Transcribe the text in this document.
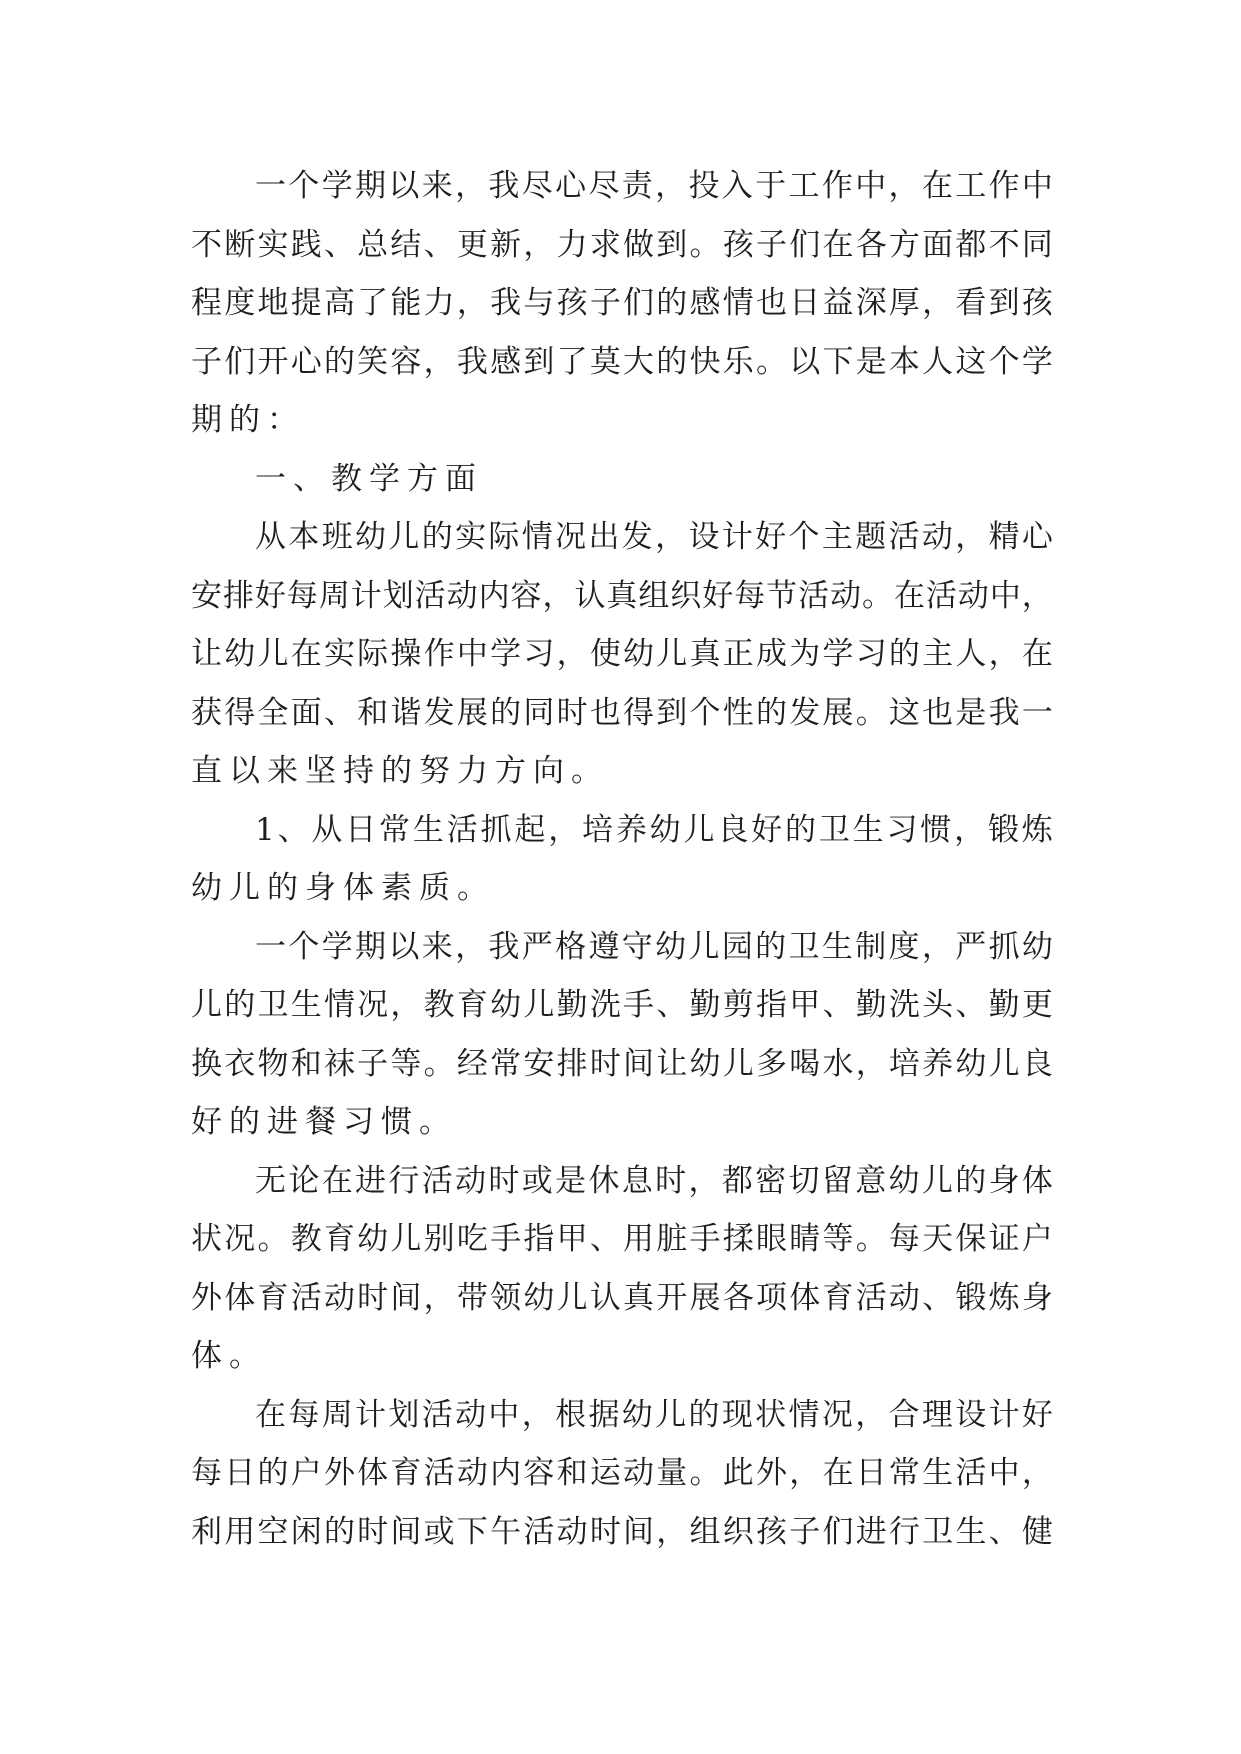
一 个 学 期 以 来 ， 我 尽 心 尽 责 ， 投 入 于 工 作 中 ， 在 工 作 中
不 断 实 践 、 总 结 、 更 新 ， 力 求 做 到 。 孩 子 们 在 各 方 面 都 不 同
程 度 地 提 高 了 能 力 ， 我 与 孩 子 们 的 感 情 也 日 益 深 厚 ， 看 到 孩
子 们 开 心 的 笑 容 ， 我 感 到 了 莫 大 的 快 乐 。 以 下 是 本 人 这 个 学
期的：
一、教学方面
从 本 班 幼 儿 的 实 际 情 况 出 发 ， 设 计 好 个 主 题 活 动 ， 精 心
安 排 好 每 周 计 划 活 动 内 容 ， 认 真 组 织 好 每 节 活 动 。 在 活 动 中 ，
让 幼 儿 在 实 际 操 作 中 学 习 ， 使 幼 儿 真 正 成 为 学 习 的 主 人 ， 在
获 得 全 面 、 和 谐 发 展 的 同 时 也 得 到 个 性 的 发 展 。 这 也 是 我 一
直以来坚持的努力方向。
1 、 从 日 常 生 活 抓 起 ， 培 养 幼 儿 良 好 的 卫 生 习 惯 ， 锻 炼
幼儿的身体素质。
一 个 学 期 以 来 ， 我 严 格 遵 守 幼 儿 园 的 卫 生 制 度 ， 严 抓 幼
儿 的 卫 生 情 况 ， 教 育 幼 儿 勤 洗 手 、 勤 剪 指 甲 、 勤 洗 头 、 勤 更
换 衣 物 和 袜 子 等 。 经 常 安 排 时 间 让 幼 儿 多 喝 水 ， 培 养 幼 儿 良
好的进餐习惯。
无 论 在 进 行 活 动 时 或 是 休 息 时 ， 都 密 切 留 意 幼 儿 的 身 体
状 况 。 教 育 幼 儿 别 吃 手 指 甲 、 用 脏 手 揉 眼 睛 等 。 每 天 保 证 户
外 体 育 活 动 时 间 ， 带 领 幼 儿 认 真 开 展 各 项 体 育 活 动 、 锻 炼 身
体。
在 每 周 计 划 活 动 中 ， 根 据 幼 儿 的 现 状 情 况 ， 合 理 设 计 好
每 日 的 户 外 体 育 活 动 内 容 和 运 动 量 。 此 外 ， 在 日 常 生 活 中 ，
利 用 空 闲 的 时 间 或 下 午 活 动 时 间 ， 组 织 孩 子 们 进 行 卫 生 、 健
